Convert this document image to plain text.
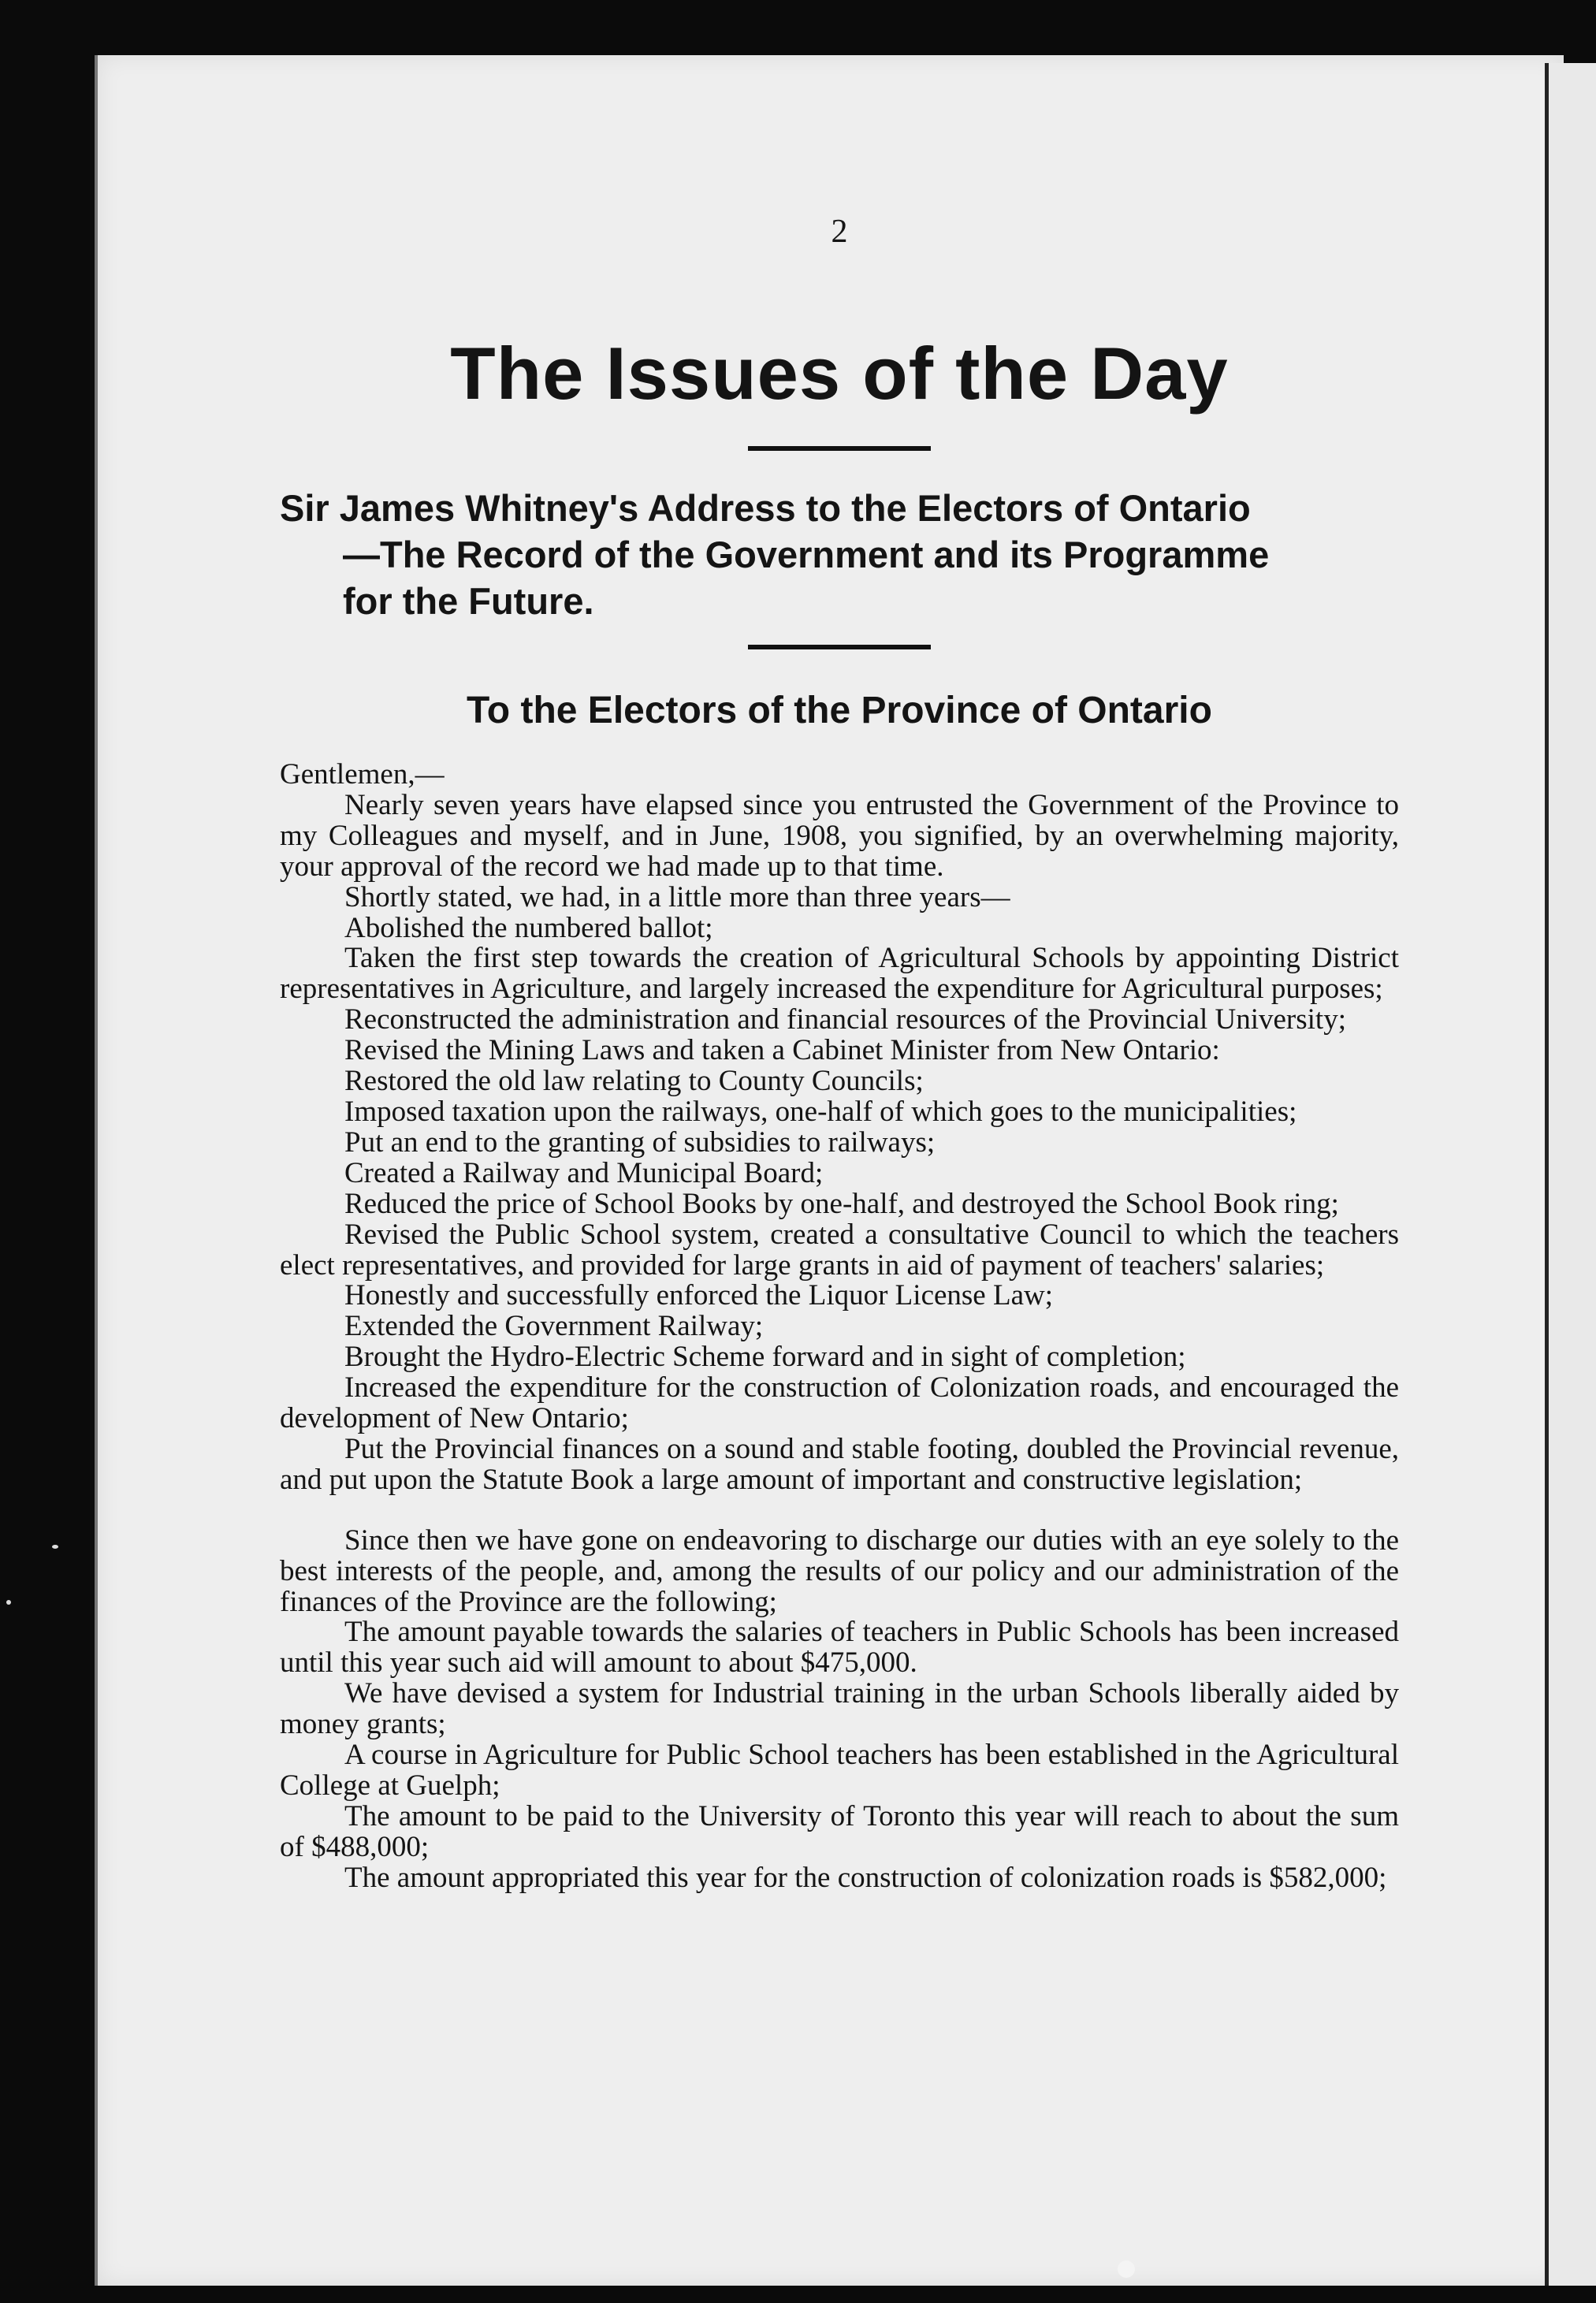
2
The Issues of the Day
Sir James Whitney's Address to the Electors of Ontario
—The Record of the Government and its Programme
for the Future.
To the Electors of the Province of Ontario

Gentlemen,—

Nearly seven years have elapsed since you entrusted the Government of the Province to my Colleagues and myself, and in June, 1908, you signified, by an overwhelming majority, your approval of the record we had made up to that time.

Shortly stated, we had, in a little more than three years—

Abolished the numbered ballot;

Taken the first step towards the creation of Agricultural Schools by appointing District representatives in Agriculture, and largely increased the expenditure for Agricultural purposes;

Reconstructed the administration and financial resources of the Provincial University;

Revised the Mining Laws and taken a Cabinet Minister from New Ontario:

Restored the old law relating to County Councils;

Imposed taxation upon the railways, one-half of which goes to the municipalities;

Put an end to the granting of subsidies to railways;

Created a Railway and Municipal Board;

Reduced the price of School Books by one-half, and destroyed the School Book ring;

Revised the Public School system, created a consultative Council to which the teachers elect representatives, and provided for large grants in aid of payment of teachers' salaries;

Honestly and successfully enforced the Liquor License Law;

Extended the Government Railway;

Brought the Hydro-Electric Scheme forward and in sight of completion;

Increased the expenditure for the construction of Colonization roads, and encouraged the development of New Ontario;

Put the Provincial finances on a sound and stable footing, doubled the Provincial revenue, and put upon the Statute Book a large amount of important and constructive legislation;

Since then we have gone on endeavoring to discharge our duties with an eye solely to the best interests of the people, and, among the results of our policy and our administration of the finances of the Province are the following;

The amount payable towards the salaries of teachers in Public Schools has been increased until this year such aid will amount to about $475,000.

We have devised a system for Industrial training in the urban Schools liberally aided by money grants;

A course in Agriculture for Public School teachers has been established in the Agricultural College at Guelph;

The amount to be paid to the University of Toronto this year will reach to about the sum of $488,000;

The amount appropriated this year for the construction of colonization roads is $582,000;
